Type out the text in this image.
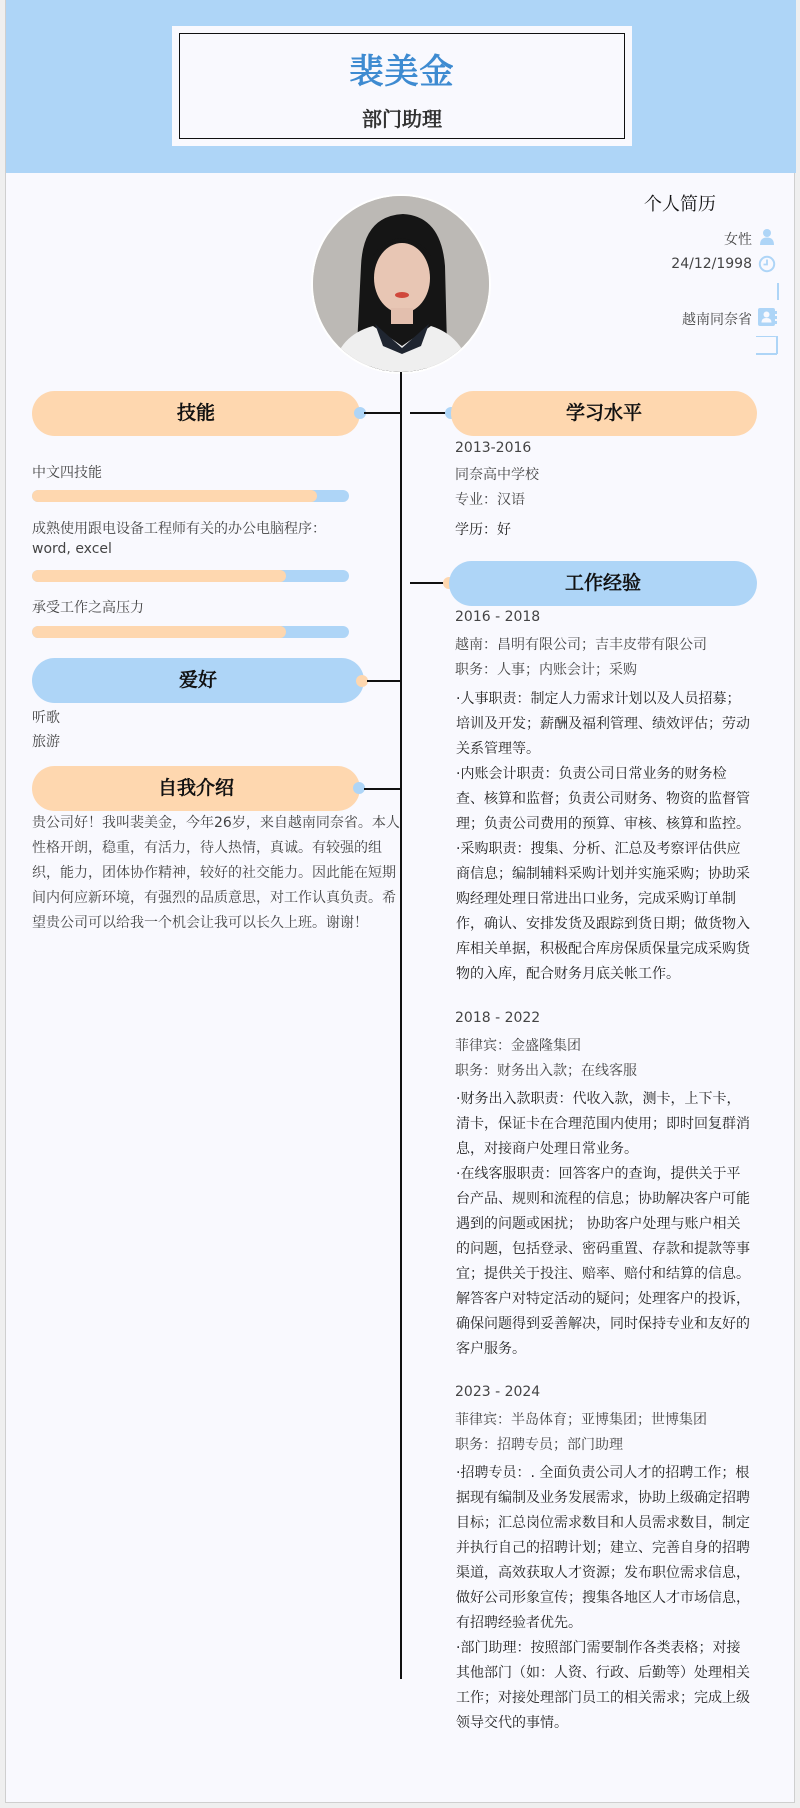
裴美金
部门助理
个人简历
女性
24/12/1998
越南同奈省
技能
中文四技能
成熟使用跟电设备工程师有关的办公电脑程序：
word, excel
承受工作之高压力
爱好
听歌
旅游
自我介绍
贵公司好！我叫裴美金，今年26岁，来自越南同奈省。本人
性格开朗，稳重，有活力，待人热情，真诚。有较强的组
织，能力，团体协作精神，较好的社交能力。因此能在短期
间内何应新环境，有强烈的品质意思，对工作认真负责。希
望贵公司可以给我一个机会让我可以长久上班。谢谢！
学习水平
2013-2016
同奈高中学校
专业：汉语
学历：好
工作经验
2016 - 2018
越南：昌明有限公司；吉丰皮带有限公司
职务：人事；内账会计；采购
·人事职责：制定人力需求计划以及人员招募；
培训及开发；薪酬及福利管理、绩效评估；劳动
关系管理等。
·内账会计职责：负责公司日常业务的财务检
查、核算和监督；负责公司财务、物资的监督管
理；负责公司费用的预算、审核、核算和监控。
·采购职责：搜集、分析、汇总及考察评估供应
商信息；编制辅料采购计划并实施采购；协助采
购经理处理日常进出口业务，完成采购订单制
作，确认、安排发货及跟踪到货日期；做货物入
库相关单据，积极配合库房保质保量完成采购货
物的入库，配合财务月底关帐工作。
2018 - 2022
菲律宾：金盛隆集团
职务：财务出入款；在线客服
·财务出入款职责：代收入款，测卡，上下卡，
清卡，保证卡在合理范围内使用；即时回复群消
息，对接商户处理日常业务。
·在线客服职责：回答客户的查询，提供关于平
台产品、规则和流程的信息；协助解决客户可能
遇到的问题或困扰； 协助客户处理与账户相关
的问题，包括登录、密码重置、存款和提款等事
宜；提供关于投注、赔率、赔付和结算的信息。
解答客户对特定活动的疑问；处理客户的投诉，
确保问题得到妥善解决，同时保持专业和友好的
客户服务。
2023 - 2024
菲律宾：半岛体育；亚博集团；世博集团
职务：招聘专员；部门助理
·招聘专员：. 全面负责公司人才的招聘工作；根
据现有编制及业务发展需求，协助上级确定招聘
目标；汇总岗位需求数目和人员需求数目，制定
并执行自己的招聘计划；建立、完善自身的招聘
渠道，高效获取人才资源；发布职位需求信息，
做好公司形象宣传；搜集各地区人才市场信息，
有招聘经验者优先。
·部门助理：按照部门需要制作各类表格；对接
其他部门（如：人资、行政、后勤等）处理相关
工作；对接处理部门员工的相关需求；完成上级
领导交代的事情。
